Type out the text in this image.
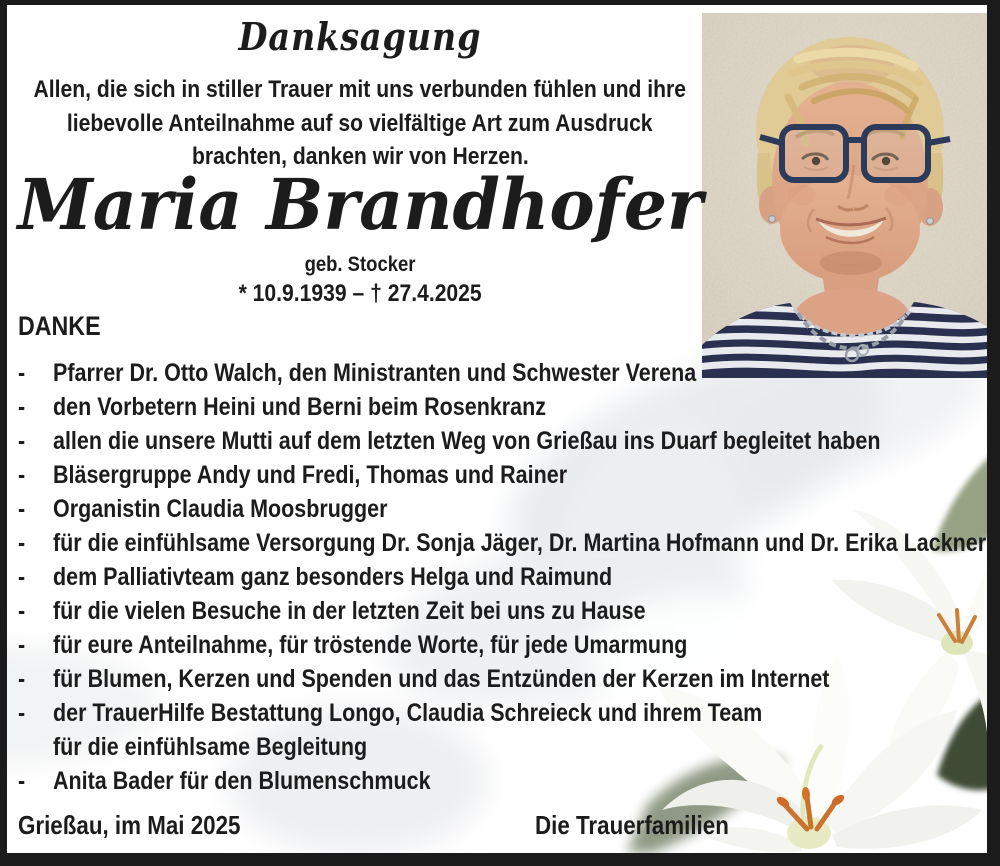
Danksagung
Allen, die sich in stiller Trauer mit uns verbunden fühlen und ihre
liebevolle Anteilnahme auf so vielfältige Art zum Ausdruck
brachten, danken wir von Herzen.
Maria Brandhofer
geb. Stocker
* 10.9.1939 – † 27.4.2025
DANKE
-	Pfarrer Dr. Otto Walch, den Ministranten und Schwester Verena
-	den Vorbetern Heini und Berni beim Rosenkranz
-	allen die unsere Mutti auf dem letzten Weg von Grießau ins Duarf begleitet haben
-	Bläsergruppe Andy und Fredi, Thomas und Rainer
-	Organistin Claudia Moosbrugger
-	für die einfühlsame Versorgung Dr. Sonja Jäger, Dr. Martina Hofmann und Dr. Erika Lackner
-	dem Palliativteam ganz besonders Helga und Raimund
-	für die vielen Besuche in der letzten Zeit bei uns zu Hause
-	für eure Anteilnahme, für tröstende Worte, für jede Umarmung
-	für Blumen, Kerzen und Spenden und das Entzünden der Kerzen im Internet
-	der TrauerHilfe Bestattung Longo, Claudia Schreieck und ihrem Team
für die einfühlsame Begleitung
-	Anita Bader für den Blumenschmuck
Grießau, im Mai 2025	Die Trauerfamilien
